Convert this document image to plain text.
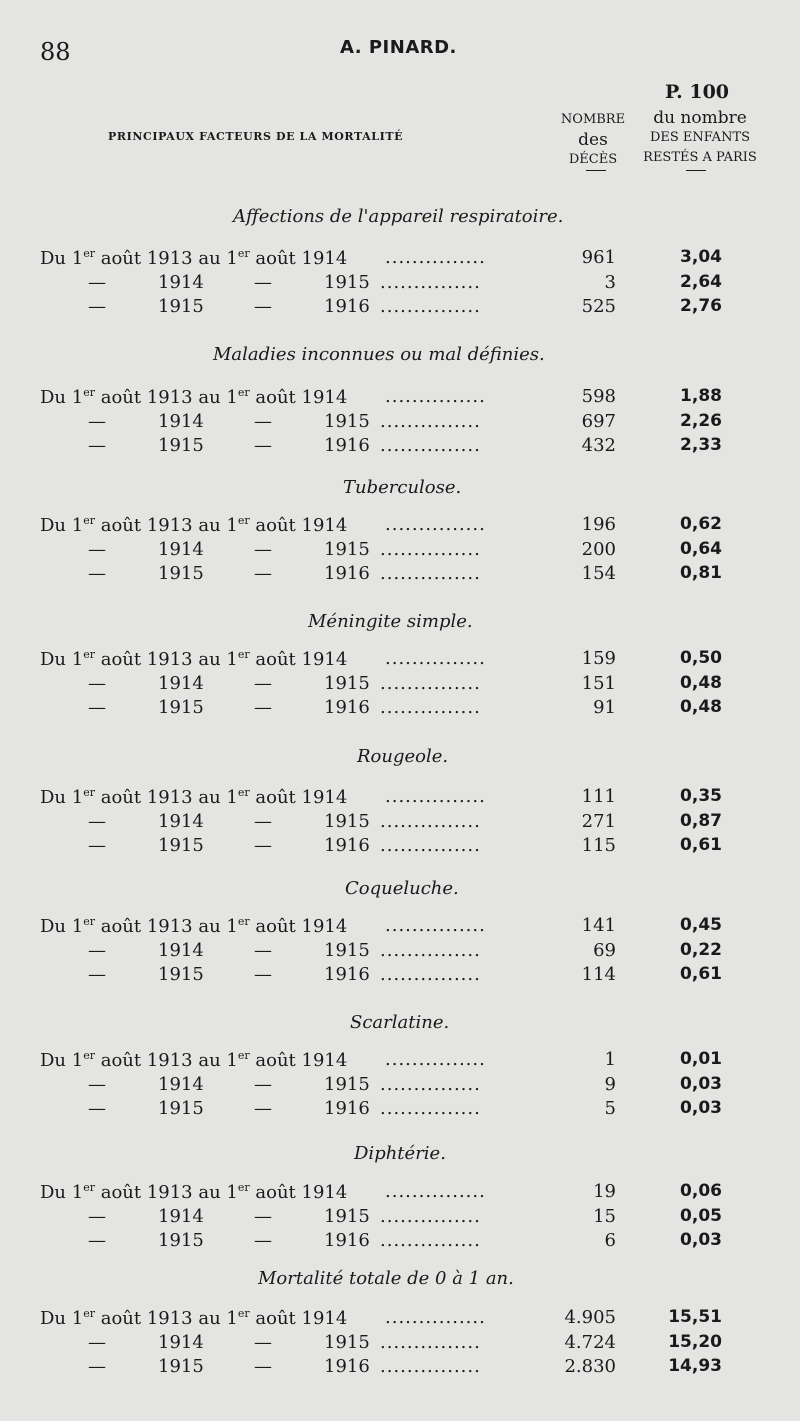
88	A. PINARD.
P. 100
PRINCIPAUX FACTEURS DE LA MORTALITÉ
NOMBRE
des
DÉCÈS
du nombre
DES ENFANTS
RESTÉS A PARIS
Affections de l'appareil respiratoire.
Du 1er août 1913 au 1er août 1914 ...............	961	3,04
—	1914	—	1915 ...............	3	2,64
—	1915	—	1916 ...............	525	2,76
Maladies inconnues ou mal définies.
Du 1er août 1913 au 1er août 1914 ...............	598	1,88
—	1914	—	1915 ...............	697	2,26
—	1915	—	1916 ...............	432	2,33
Tuberculose.
Du 1er août 1913 au 1er août 1914 ...............	196	0,62
—	1914	—	1915 ...............	200	0,64
—	1915	—	1916 ...............	154	0,81
Méningite simple.
Du 1er août 1913 au 1er août 1914 ...............	159	0,50
—	1914	—	1915 ...............	151	0,48
—	1915	—	1916 ...............	91	0,48
Rougeole.
Du 1er août 1913 au 1er août 1914 ...............	111	0,35
—	1914	—	1915 ...............	271	0,87
—	1915	—	1916 ...............	115	0,61
Coqueluche.
Du 1er août 1913 au 1er août 1914 ...............	141	0,45
—	1914	—	1915 ...............	69	0,22
—	1915	—	1916 ...............	114	0,61
Scarlatine.
Du 1er août 1913 au 1er août 1914 ...............	1	0,01
—	1914	—	1915 ...............	9	0,03
—	1915	—	1916 ...............	5	0,03
Diphtérie.
Du 1er août 1913 au 1er août 1914 ...............	19	0,06
—	1914	—	1915 ...............	15	0,05
—	1915	—	1916 ...............	6	0,03
Mortalité totale de 0 à 1 an.
Du 1er août 1913 au 1er août 1914 ...............	4.905	15,51
—	1914	—	1915 ...............	4.724	15,20
—	1915	—	1916 ...............	2.830	14,93
